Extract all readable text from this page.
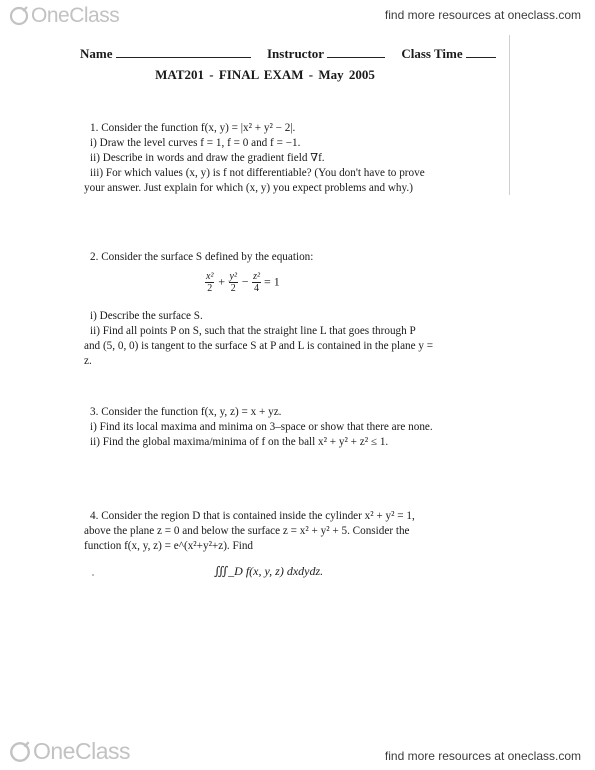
OneClass	find more resources at oneclass.com
Name	Instructor	Class Time
MAT201 - FINAL EXAM - May 2005

1. Consider the function f(x, y) = |x² + y² − 2|.

i) Draw the level curves f = 1, f = 0 and f = −1.

ii) Describe in words and draw the gradient field ∇f.

iii) For which values (x, y) is f not differentiable? (You don't have to prove your answer. Just explain for which (x, y) you expect problems and why.)

2. Consider the surface S defined by the equation:

$\frac{\text{x²}}{2} + \frac{\text{y²}}{2} - \frac{\text{z²}}{4} = 1$

i) Describe the surface S.

ii) Find all points P on S, such that the straight line L that goes through P and (5, 0, 0) is tangent to the surface S at P and L is contained in the plane y = z.

3. Consider the function f(x, y, z) = x + yz.

i) Find its local maxima and minima on 3–space or show that there are none.

ii) Find the global maxima/minima of f on the ball x² + y² + z² ≤ 1.

4. Consider the region D that is contained inside the cylinder x² + y² = 1, above the plane z = 0 and below the surface z = x² + y² + 5. Consider the function f(x, y, z) = e^(x²+y²+z). Find

∭_D f(x, y, z) dxdydz.
OneClass	find more resources at oneclass.com
